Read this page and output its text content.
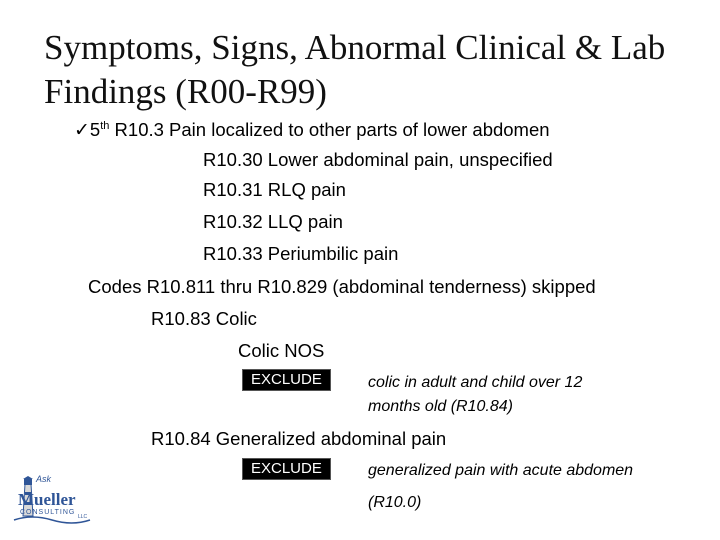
Symptoms, Signs, Abnormal Clinical & Lab
Findings (R00-R99)
✓5th R10.3 Pain localized to other parts of lower abdomen
R10.30 Lower abdominal pain, unspecified
R10.31 RLQ pain
R10.32 LLQ pain
R10.33 Periumbilic pain
Codes R10.811 thru R10.829 (abdominal tenderness) skipped
R10.83 Colic
Colic NOS
EXCLUDE	colic in adult and child over 12
months old (R10.84)
R10.84 Generalized abdominal pain
EXCLUDE	generalized pain with acute abdomen
(R10.0)
Ask
Mueller
CONSULTING
LLC
